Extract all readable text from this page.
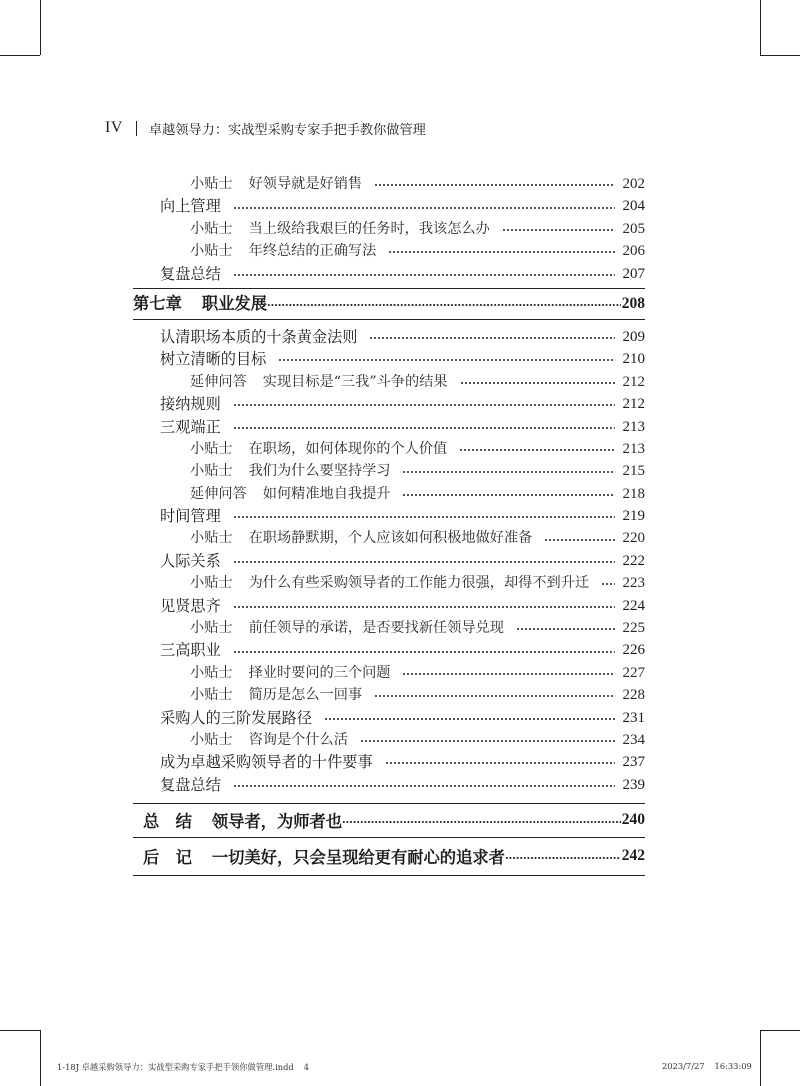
IV 卓越领导力：实战型采购专家手把手教你做管理
小贴士 好领导就是好销售	202
向上管理	204
小贴士 当上级给我艰巨的任务时，我该怎么办	205
小贴士 年终总结的正确写法	206
复盘总结	207
第七章 职业发展	208
认清职场本质的十条黄金法则	209
树立清晰的目标	210
延伸问答 实现目标是“三我”斗争的结果	212
接纳规则	212
三观端正	213
小贴士 在职场，如何体现你的个人价值	213
小贴士 我们为什么要坚持学习	215
延伸问答 如何精准地自我提升	218
时间管理	219
小贴士 在职场静默期，个人应该如何积极地做好准备	220
人际关系	222
小贴士 为什么有些采购领导者的工作能力很强，却得不到升迁 223
见贤思齐	224
小贴士 前任领导的承诺，是否要找新任领导兑现	225
三高职业	226
小贴士 择业时要问的三个问题	227
小贴士 简历是怎么一回事	228
采购人的三阶发展路径	231
小贴士 咨询是个什么活	234
成为卓越采购领导者的十件要事	237
复盘总结	239
总　结 领导者，为师者也	240
后　记 一切美好，只会呈现给更有耐心的追求者	242
1-18J 卓越采购领导力：实战型采购专家手把手领你做管理.indd 4	2023/7/27 16:33:09
